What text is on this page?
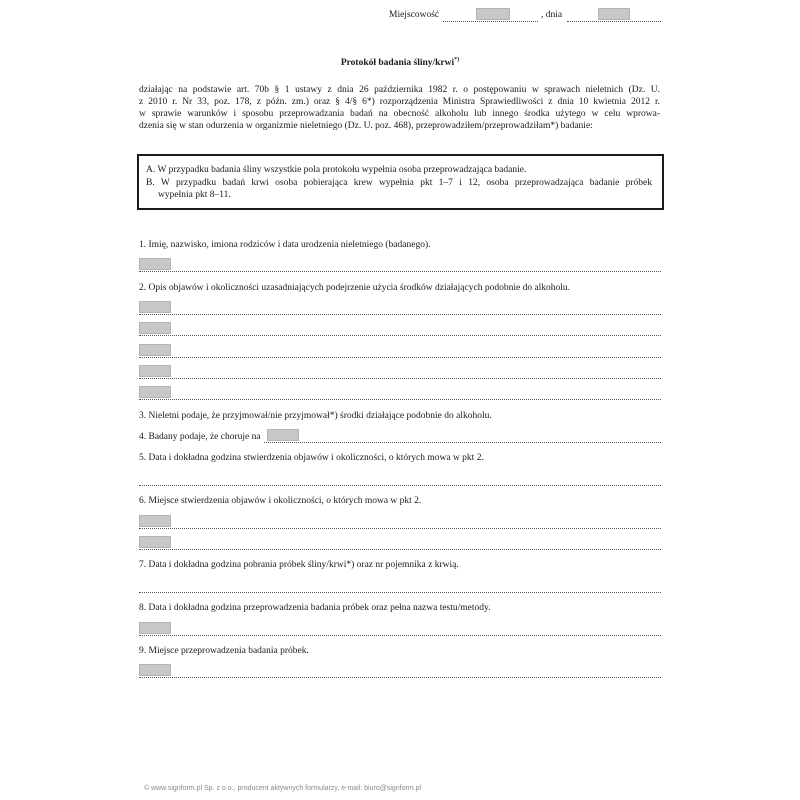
Miejscowość	, dnia
Protokół badania śliny/krwi*)
działając na podstawie art. 70b § 1 ustawy z dnia 26 października 1982 r. o postępowaniu w sprawach nieletnich (Dz. U.
z 2010 r. Nr 33, poz. 178, z późn. zm.) oraz § 4/§ 6*) rozporządzenia Ministra Sprawiedliwości z dnia 10 kwietnia 2012 r.
w sprawie warunków i sposobu przeprowadzania badań na obecność alkoholu lub innego środka użytego w celu wprowa-
dzenia się w stan odurzenia w organizmie nieletniego (Dz. U. poz. 468), przeprowadziłem/przeprowadziłam*) badanie:
A. W przypadku badania śliny wszystkie pola protokołu wypełnia osoba przeprowadzająca badanie.
B. W przypadku badań krwi osoba pobierająca krew wypełnia pkt 1–7 i 12, osoba przeprowadzająca badanie próbek
wypełnia pkt 8–11.
1. Imię, nazwisko, imiona rodziców i data urodzenia nieletniego (badanego).
2. Opis objawów i okoliczności uzasadniających podejrzenie użycia środków działających podobnie do alkoholu.
3. Nieletni podaje, że przyjmował/nie przyjmował*) środki działające podobnie do alkoholu.
4. Badany podaje, że choruje na
5. Data i dokładna godzina stwierdzenia objawów i okoliczności, o których mowa w pkt 2.
6. Miejsce stwierdzenia objawów i okoliczności, o których mowa w pkt 2.
7. Data i dokładna godzina pobrania próbek śliny/krwi*) oraz nr pojemnika z krwią.
8. Data i dokładna godzina przeprowadzenia badania próbek oraz pełna nazwa testu/metody.
9. Miejsce przeprowadzenia badania próbek.
© www.signform.pl Sp. z o.o., producent aktywnych formularzy, e-mail: biuro@signform.pl
